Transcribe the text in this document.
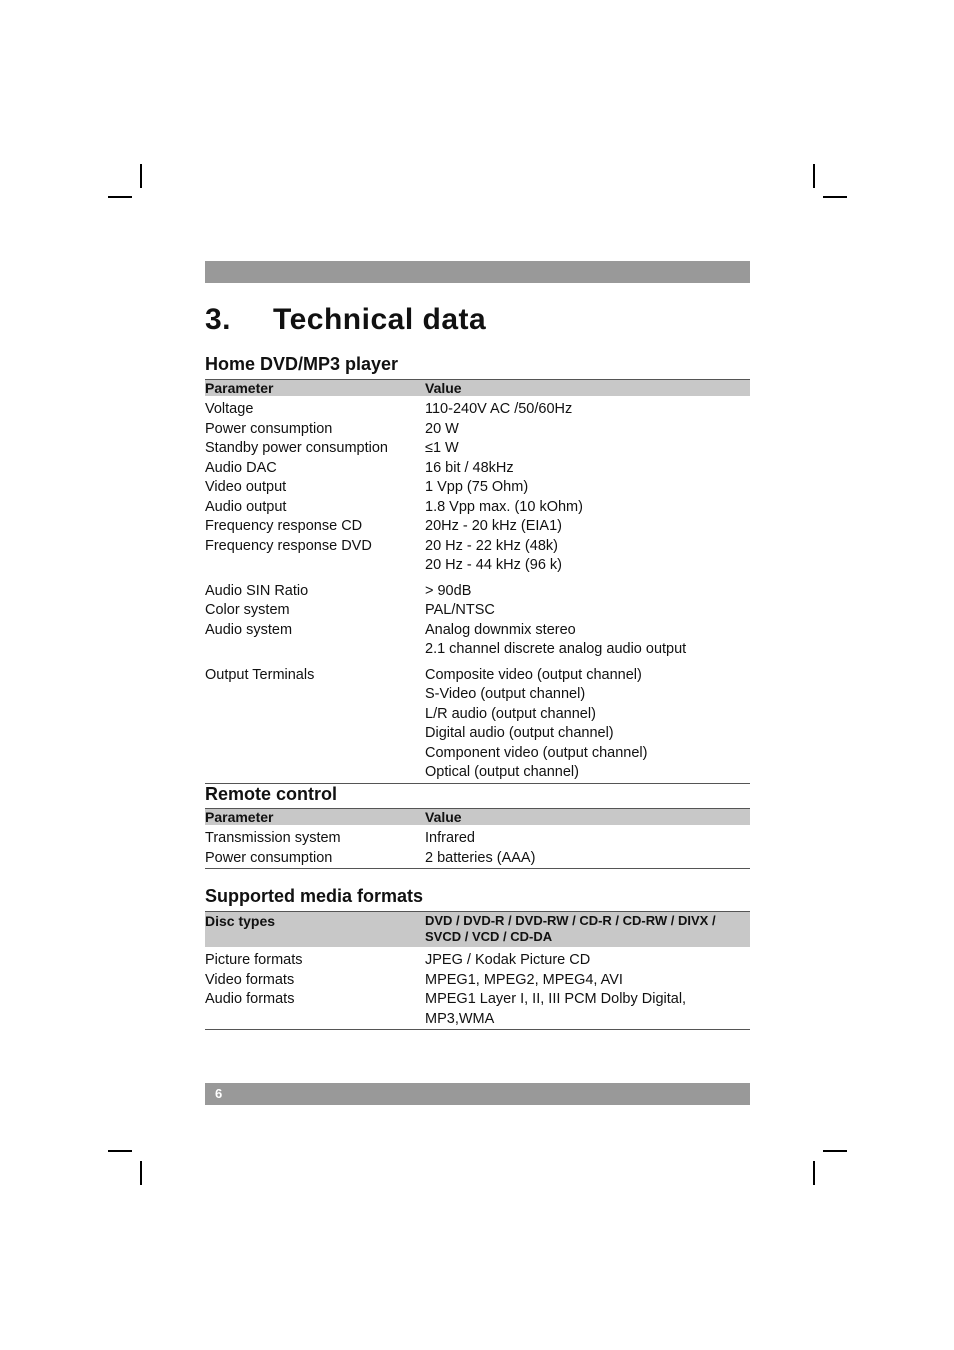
3. Technical data
Home DVD/MP3 player
Parameter	Value
Voltage	110-240V AC /50/60Hz
Power consumption	20 W
Standby power consumption	≤1 W
Audio DAC	16 bit / 48kHz
Video output	1 Vpp (75 Ohm)
Audio output	1.8 Vpp max. (10 kOhm)
Frequency response CD	20Hz - 20 kHz (EIA1)
Frequency response DVD	20 Hz - 22 kHz (48k)
20 Hz - 44 kHz (96 k)
Audio SIN Ratio	> 90dB
Color system	PAL/NTSC
Audio system	Analog downmix stereo
2.1 channel discrete analog audio output
Output Terminals	Composite video (output channel)
S-Video (output channel)
L/R audio (output channel)
Digital audio (output channel)
Component video (output channel)
Optical (output channel)
Remote control
Parameter	Value
Transmission system	Infrared
Power consumption	2 batteries (AAA)
Supported media formats
Disc types	DVD / DVD-R / DVD-RW / CD-R / CD-RW / DIVX / SVCD / VCD / CD-DA
Picture formats	JPEG / Kodak Picture CD
Video formats	MPEG1, MPEG2, MPEG4, AVI
Audio formats	MPEG1 Layer I, II, III PCM Dolby Digital, MP3,WMA
6
